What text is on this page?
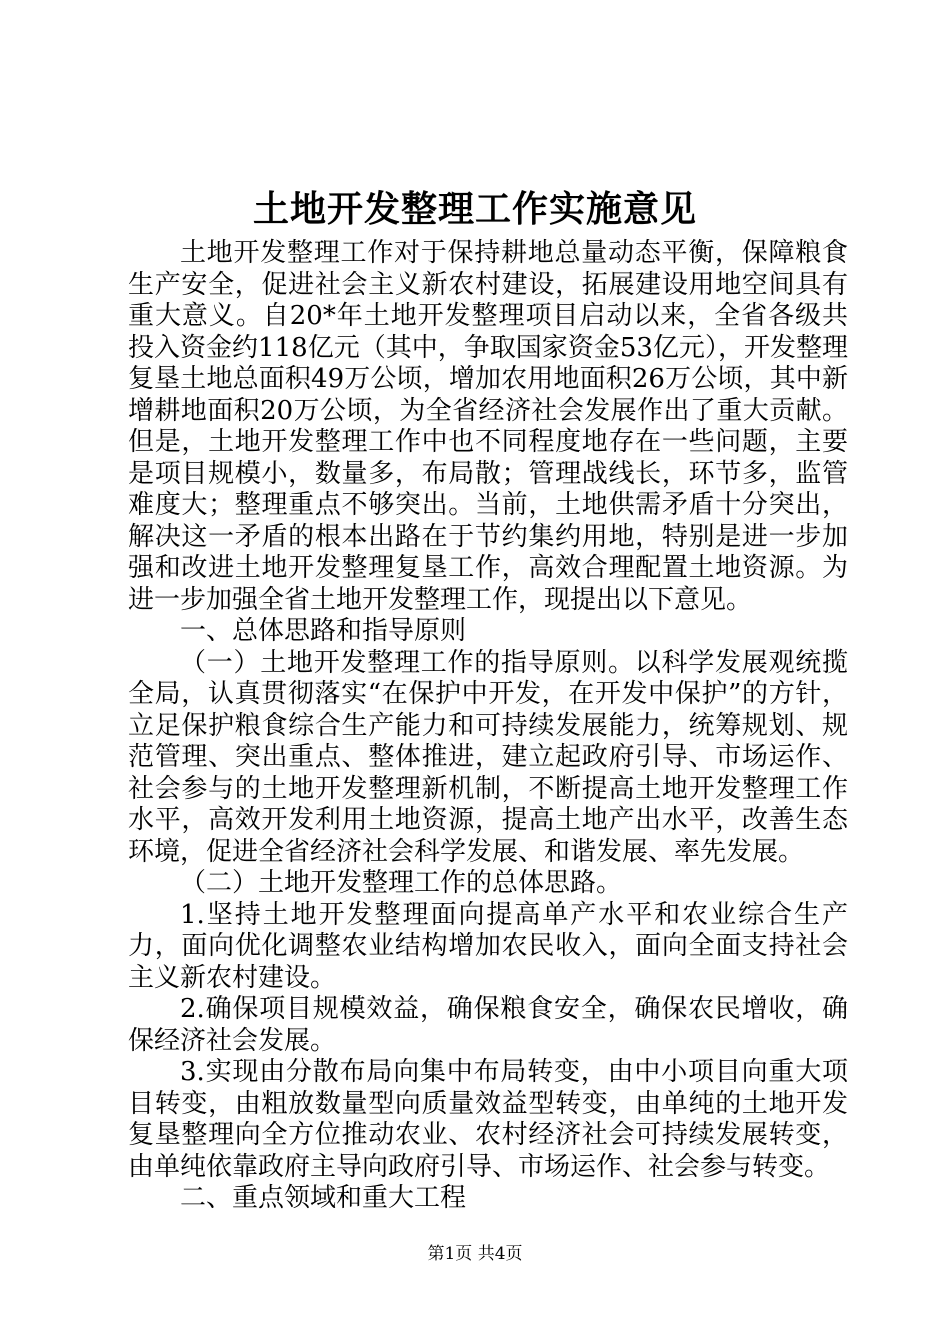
土地开发整理工作实施意见

土地开发整理工作对于保持耕地总量动态平衡，保障粮食生产安全，促进社会主义新农村建设，拓展建设用地空间具有重大意义。自20*年土地开发整理项目启动以来，全省各级共投入资金约118亿元（其中，争取国家资金53亿元），开发整理复垦土地总面积49万公顷，增加农用地面积26万公顷，其中新增耕地面积20万公顷，为全省经济社会发展作出了重大贡献。但是，土地开发整理工作中也不同程度地存在一些问题，主要是项目规模小，数量多，布局散；管理战线长，环节多，监管难度大；整理重点不够突出。当前，土地供需矛盾十分突出，解决这一矛盾的根本出路在于节约集约用地，特别是进一步加强和改进土地开发整理复垦工作，高效合理配置土地资源。为进一步加强全省土地开发整理工作，现提出以下意见。

一、总体思路和指导原则

（一）土地开发整理工作的指导原则。以科学发展观统揽全局，认真贯彻落实“在保护中开发，在开发中保护”的方针，立足保护粮食综合生产能力和可持续发展能力，统筹规划、规范管理、突出重点、整体推进，建立起政府引导、市场运作、社会参与的土地开发整理新机制，不断提高土地开发整理工作水平，高效开发利用土地资源，提高土地产出水平，改善生态环境，促进全省经济社会科学发展、和谐发展、率先发展。

（二）土地开发整理工作的总体思路。

1.坚持土地开发整理面向提高单产水平和农业综合生产力，面向优化调整农业结构增加农民收入，面向全面支持社会主义新农村建设。

2.确保项目规模效益，确保粮食安全，确保农民增收，确保经济社会发展。

3.实现由分散布局向集中布局转变，由中小项目向重大项目转变，由粗放数量型向质量效益型转变，由单纯的土地开发复垦整理向全方位推动农业、农村经济社会可持续发展转变，由单纯依靠政府主导向政府引导、市场运作、社会参与转变。

二、重点领域和重大工程

第1页 共4页
